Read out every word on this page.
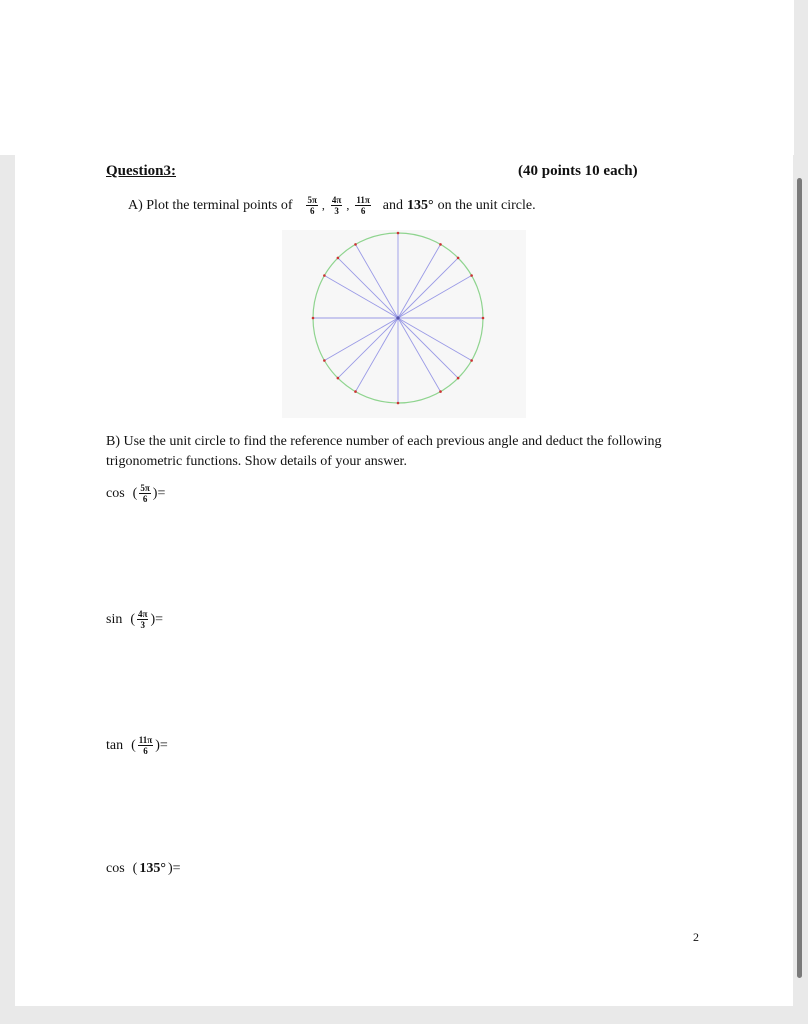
Question3:	(40 points 10 each)
A) Plot the terminal points of $\frac{5\pi}{6}$ , $\frac{4\pi}{3}$ , $\frac{11\pi}{6}$ and 135° on the unit circle.
B) Use the unit circle to find the reference number of each previous angle and deduct the following trigonometric functions. Show details of your answer.
cos ( $\frac{5\pi}{6}$ )=
sin ( $\frac{4\pi}{3}$ )=
tan ( $\frac{11\pi}{6}$ )=
cos ( 135° )=
2
